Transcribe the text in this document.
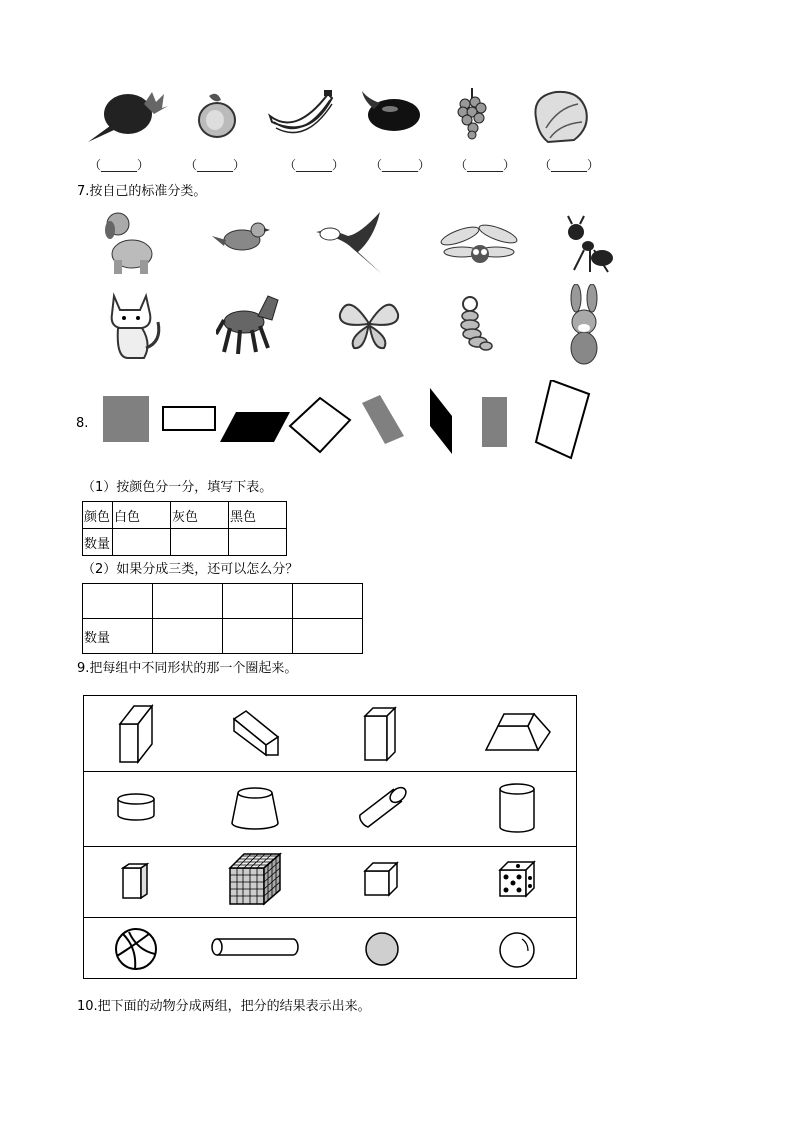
（______）	（______）	（______） （______） （______） （______）
7.按自己的标准分类。
8.
（1）按颜色分一分，填写下表。
颜色	白色	灰色	黑色
数量			
（2）如果分成三类，还可以怎么分？

数量			
9.把每组中不同形状的那一个圈起来。
10.把下面的动物分成两组，把分的结果表示出来。
